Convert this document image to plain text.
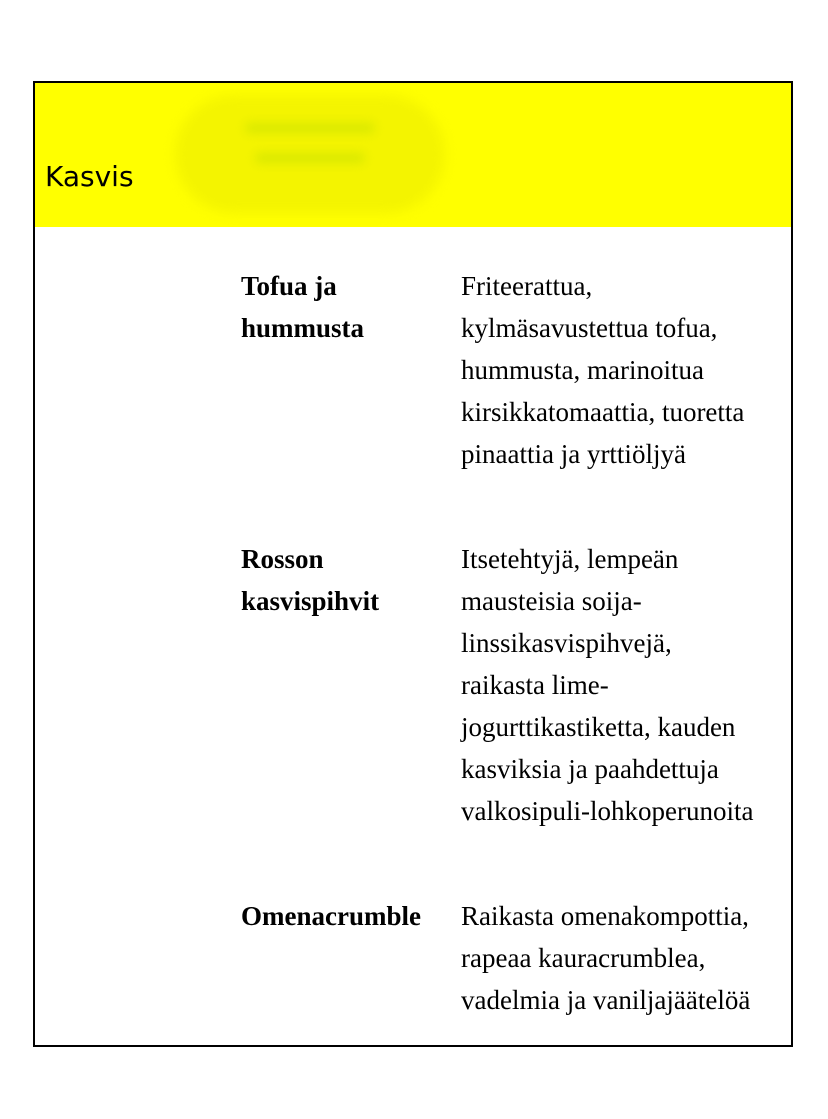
Kasvis
Tofua ja
hummusta
Friteerattua,
kylmäsavustettua tofua,
hummusta, marinoitua
kirsikkatomaattia, tuoretta
pinaattia ja yrttiöljyä
Rosson
kasvispihvit
Itsetehtyjä, lempeän
mausteisia soija-
linssikasvispihvejä,
raikasta lime-
jogurttikastiketta, kauden
kasviksia ja paahdettuja
valkosipuli-lohkoperunoita
Omenacrumble	Raikasta omenakompottia,
rapeaa kauracrumblea,
vadelmia ja vaniljajäätelöä
